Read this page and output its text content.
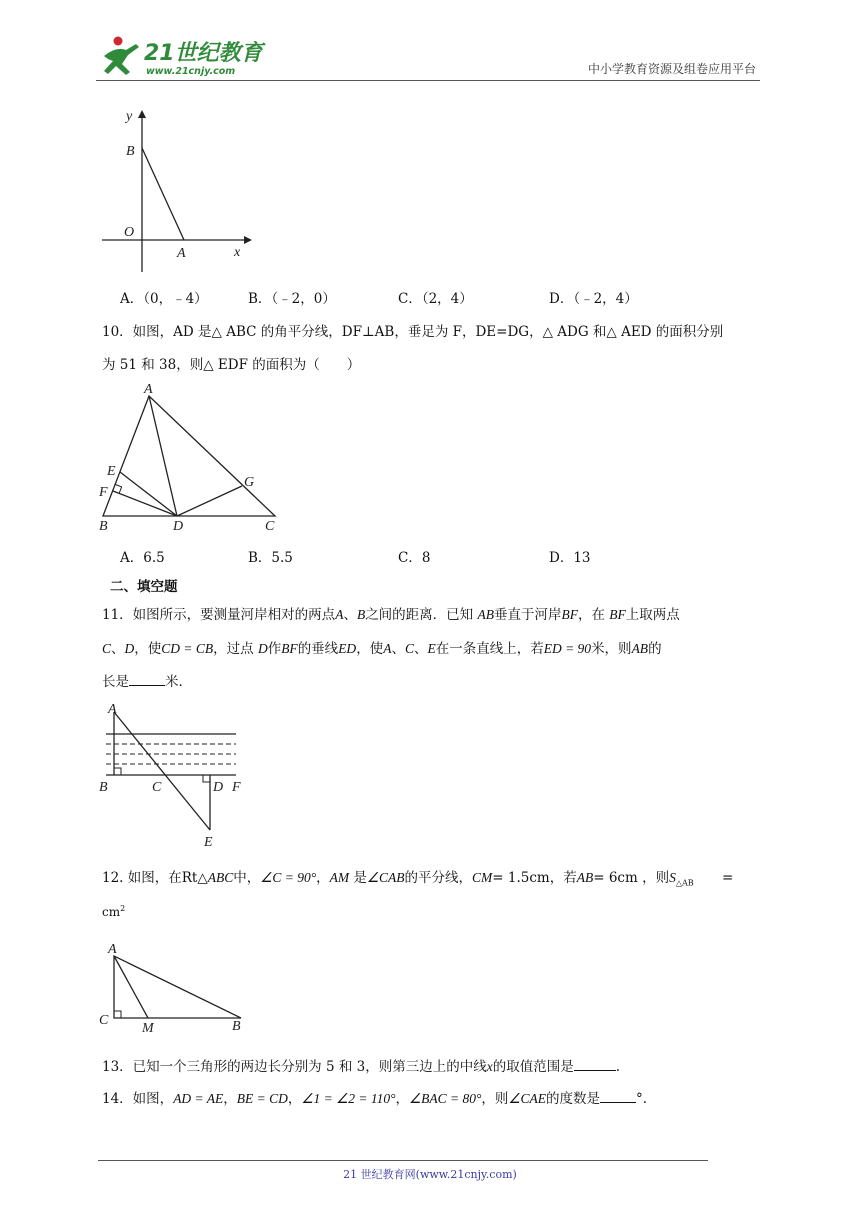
21世纪教育
www.21cnjy.com	中小学教育资源及组卷应用平台
y
B
O
A	x
A．（0，﹣4）	B．（﹣2，0）	C．（2，4）	D．（﹣2，4）
10．如图，AD 是△ ABC 的角平分线，DF⊥AB，垂足为 F，DE=DG，△ ADG 和△ AED 的面积分别
为 51 和 38，则△ EDF 的面积为（　　）
A
E
F
B	D
G
C
A．6.5	B．5.5	C．8	D．13
二、填空题
11．如图所示，要测量河岸相对的两点A、B之间的距离．已知 AB垂直于河岸BF，在 BF上取两点
C、D，使CD = CB，过点 D作BF的垂线ED，使A、C、E在一条直线上，若ED = 90米，则AB的
长是	米．
A
B	C	D F
E
12. 如图，在Rt△ABC中，∠C = 90°，AM 是∠CAB的平分线，CM= 1.5cm，若AB= 6cm ，则$S_{\triangle AB}$ =
$cm^2$
A
C
M	B
13．已知一个三角形的两边长分别为 5 和 3，则第三边上的中线x的取值范围是	.
14．如图，AD = AE，BE = CD，∠1 = ∠2 = 110°，∠BAC = 80°，则∠CAE的度数是	°.
21 世纪教育网(www.21cnjy.com)
